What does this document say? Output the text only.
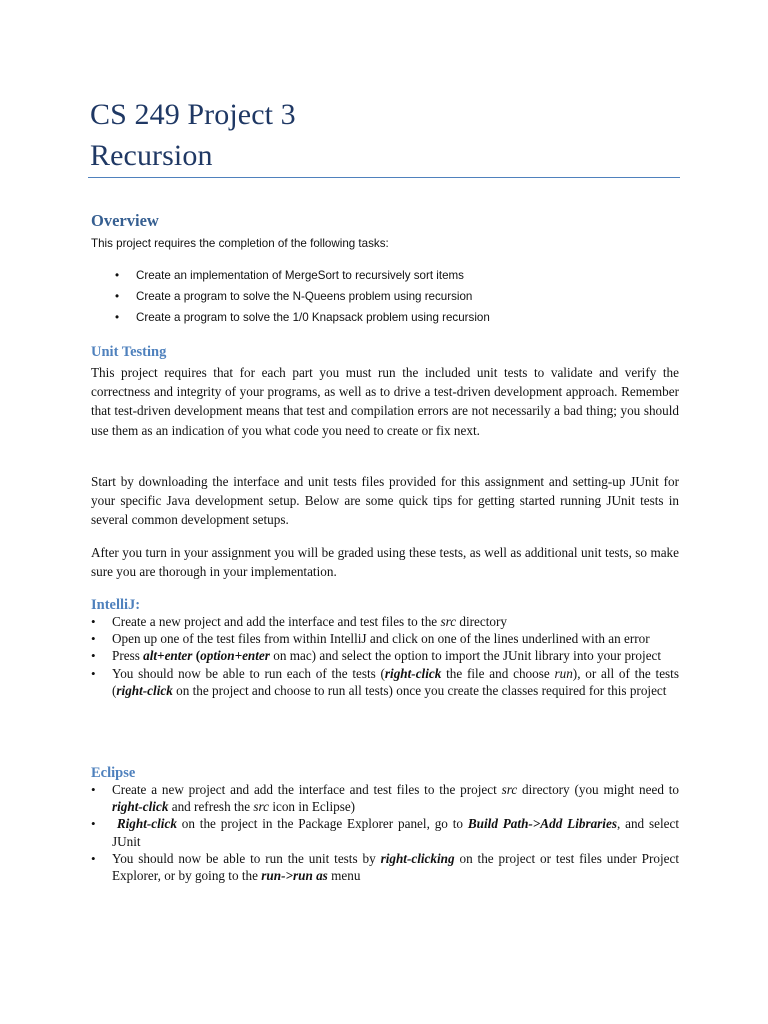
CS 249 Project 3
Recursion
Overview

This project requires the completion of the following tasks:

• Create an implementation of MergeSort to recursively sort items
• Create a program to solve the N-Queens problem using recursion
• Create a program to solve the 1/0 Knapsack problem using recursion
Unit Testing

This project requires that for each part you must run the included unit tests to validate and verify the correctness and integrity of your programs, as well as to drive a test-driven development approach. Remember that test-driven development means that test and compilation errors are not necessarily a bad thing; you should use them as an indication of you what code you need to create or fix next.

Start by downloading the interface and unit tests files provided for this assignment and setting-up JUnit for your specific Java development setup. Below are some quick tips for getting started running JUnit tests in several common development setups.

After you turn in your assignment you will be graded using these tests, as well as additional unit tests, so make sure you are thorough in your implementation.

IntelliJ:
• Create a new project and add the interface and test files to the src directory
• Open up one of the test files from within IntelliJ and click on one of the lines underlined with an error
• Press alt+enter (option+enter on mac) and select the option to import the JUnit library into your project
• You should now be able to run each of the tests (right-click the file and choose run), or all of the tests (right-click on the project and choose to run all tests) once you create the classes required for this project
Eclipse
• Create a new project and add the interface and test files to the project src directory (you might need to right-click and refresh the src icon in Eclipse)
• Right-click on the project in the Package Explorer panel, go to Build Path->Add Libraries, and select JUnit
• You should now be able to run the unit tests by right-clicking on the project or test files under Project Explorer, or by going to the run->run as menu
